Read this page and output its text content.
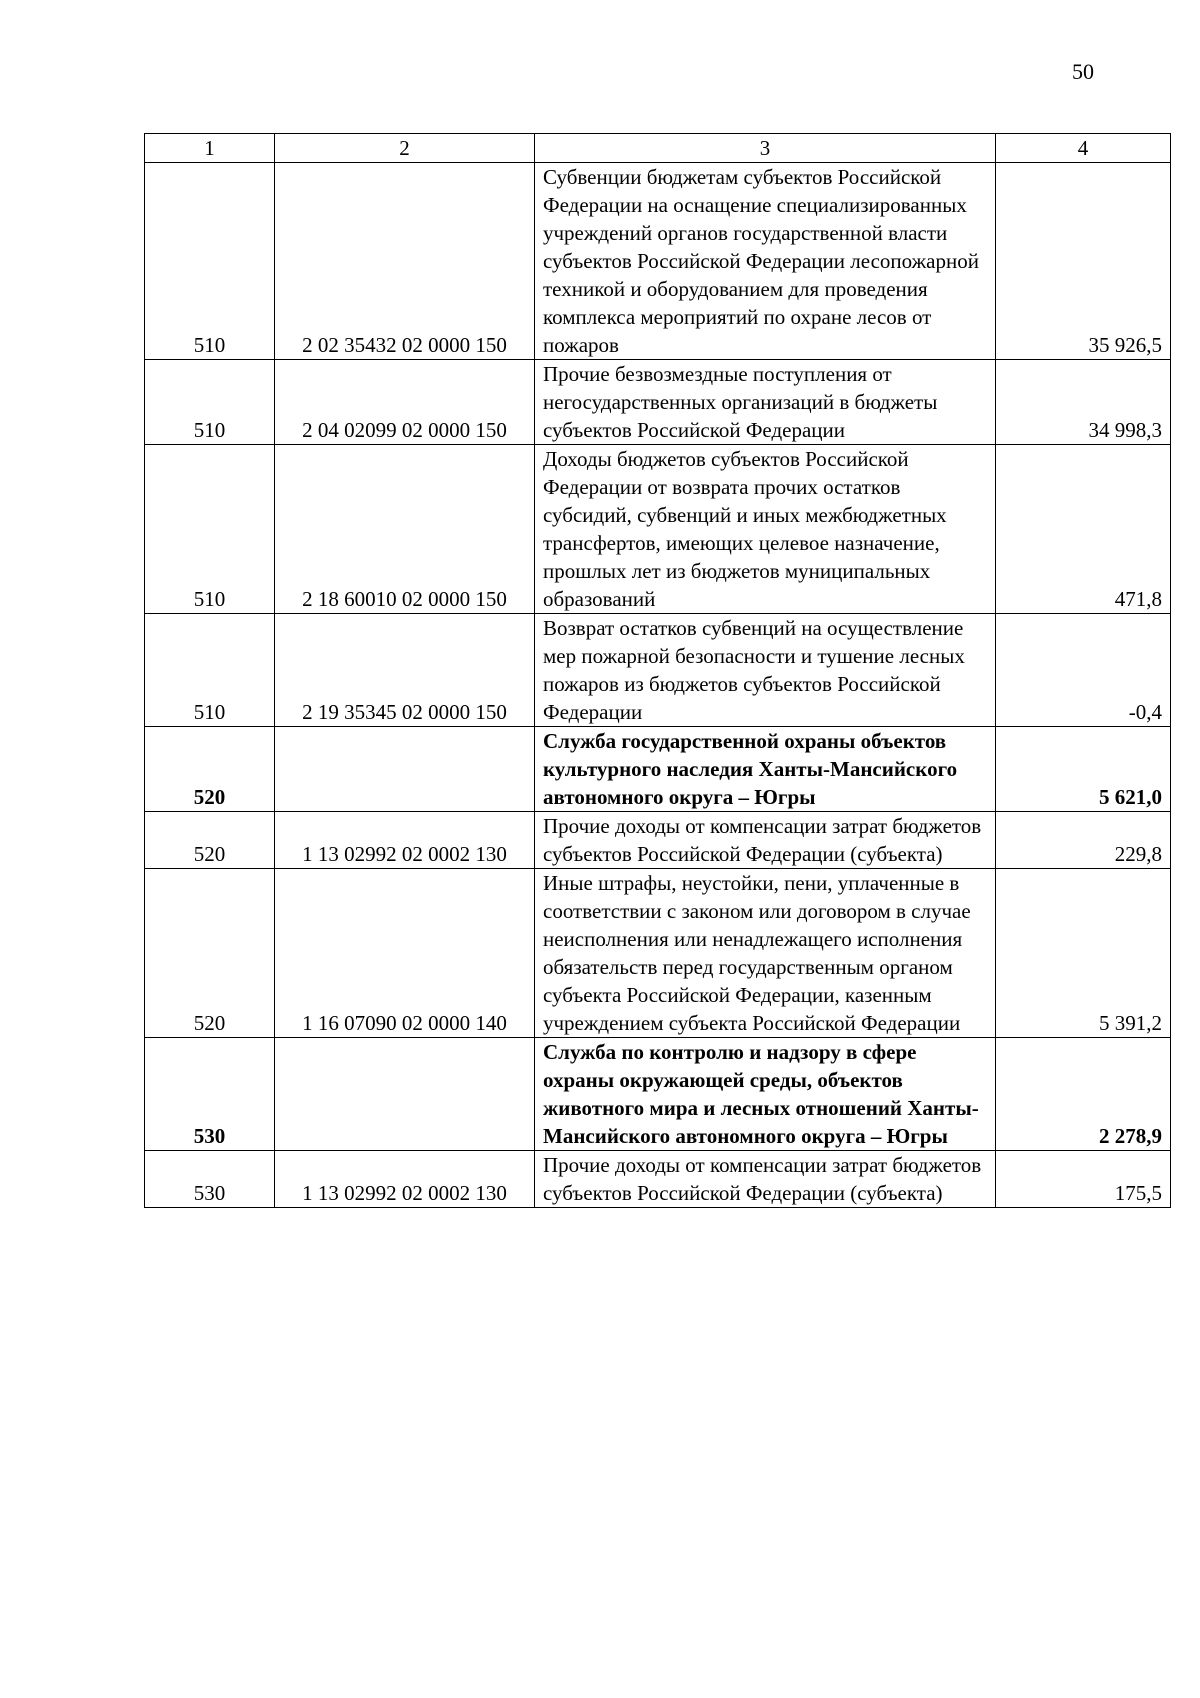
50
1	2	3	4
510	2 02 35432 02 0000 150	Субвенции бюджетам субъектов Российской Федерации на оснащение специализированных учреждений органов государственной власти субъектов Российской Федерации лесопожарной техникой и оборудованием для проведения комплекса мероприятий по охране лесов от пожаров	35 926,5
510	2 04 02099 02 0000 150	Прочие безвозмездные поступления от негосударственных организаций в бюджеты субъектов Российской Федерации	34 998,3
510	2 18 60010 02 0000 150	Доходы бюджетов субъектов Российской Федерации от возврата прочих остатков субсидий, субвенций и иных межбюджетных трансфертов, имеющих целевое назначение, прошлых лет из бюджетов муниципальных образований	471,8
510	2 19 35345 02 0000 150	Возврат остатков субвенций на осуществление мер пожарной безопасности и тушение лесных пожаров из бюджетов субъектов Российской Федерации	-0,4
520		Служба государственной охраны объектов культурного наследия Ханты-Мансийского автономного округа – Югры	5 621,0
520	1 13 02992 02 0002 130	Прочие доходы от компенсации затрат бюджетов субъектов Российской Федерации (субъекта)	229,8
520	1 16 07090 02 0000 140	Иные штрафы, неустойки, пени, уплаченные в соответствии с законом или договором в случае неисполнения или ненадлежащего исполнения обязательств перед государственным органом субъекта Российской Федерации, казенным учреждением субъекта Российской Федерации	5 391,2
530		Служба по контролю и надзору в сфере охраны окружающей среды, объектов животного мира и лесных отношений Ханты-Мансийского автономного округа – Югры	2 278,9
530	1 13 02992 02 0002 130	Прочие доходы от компенсации затрат бюджетов субъектов Российской Федерации (субъекта)	175,5
